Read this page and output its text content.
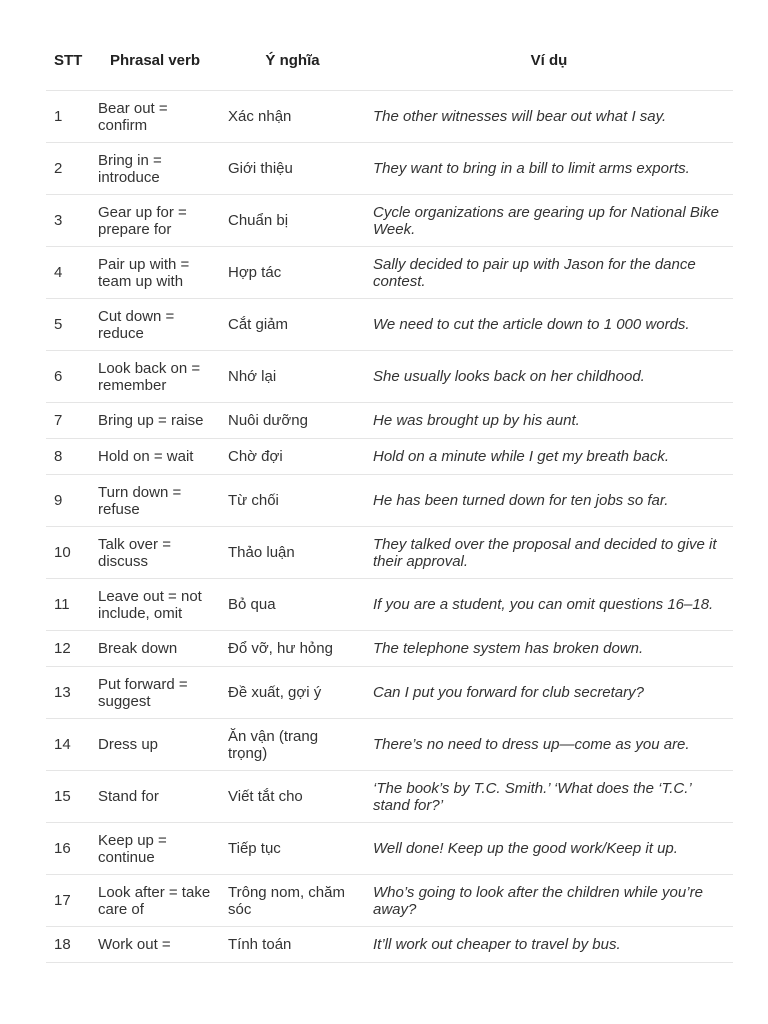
STT	Phrasal verb	Ý nghĩa	Ví dụ
1	Bear out = confirm	Xác nhận	The other witnesses will bear out what I say.
2	Bring in = introduce	Giới thiệu	They want to bring in a bill to limit arms exports.
3	Gear up for = prepare for	Chuẩn bị	Cycle organizations are gearing up for National Bike Week.
4	Pair up with = team up with	Hợp tác	Sally decided to pair up with Jason for the dance contest.
5	Cut down = reduce	Cắt giảm	We need to cut the article down to 1 000 words.
6	Look back on = remember	Nhớ lại	She usually looks back on her childhood.
7	Bring up = raise	Nuôi dưỡng	He was brought up by his aunt.
8	Hold on = wait	Chờ đợi	Hold on a minute while I get my breath back.
9	Turn down = refuse	Từ chối	He has been turned down for ten jobs so far.
10	Talk over = discuss	Thảo luận	They talked over the proposal and decided to give it their approval.
11	Leave out = not include, omit	Bỏ qua	If you are a student, you can omit questions 16–18.
12	Break down	Đổ vỡ, hư hỏng	The telephone system has broken down.
13	Put forward = suggest	Đề xuất, gợi ý	Can I put you forward for club secretary?
14	Dress up	Ăn vận (trang trọng)	There’s no need to dress up—come as you are.
15	Stand for	Viết tắt cho	‘The book’s by T.C. Smith.’ ‘What does the ‘T.C.’ stand for?’
16	Keep up = continue	Tiếp tục	Well done! Keep up the good work/Keep it up.
17	Look after = take care of	Trông nom, chăm sóc	Who’s going to look after the children while you’re away?
18	Work out =	Tính toán	It’ll work out cheaper to travel by bus.
